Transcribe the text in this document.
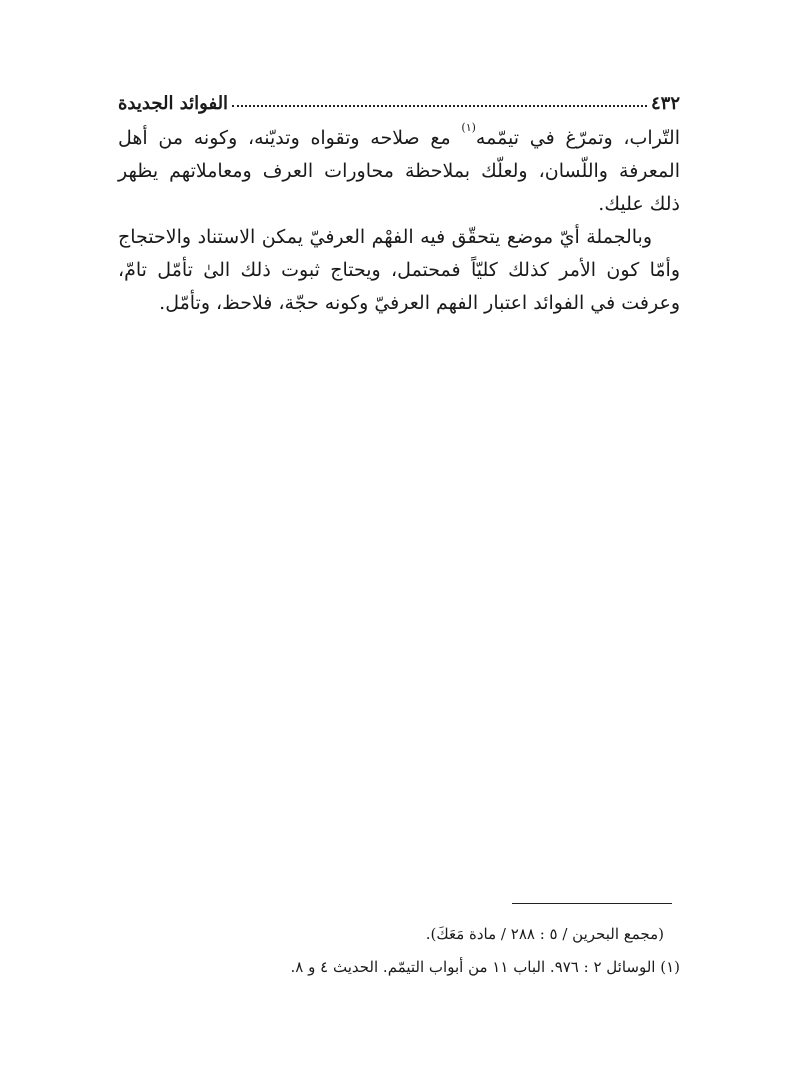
٤٣٢
الفوائد الجديدة

التّراب، وتمرّغ في تيمّمه$^{(١)}$ مع صلاحه وتقواه وتديّنه، وكونه من أهل المعرفة واللّسان، ولعلّك بملاحظة محاورات العرف ومعاملاتهم يظهر ذلك عليك.

وبالجملة أيّ موضع يتحقّق فيه الفهْم العرفيّ يمكن الاستناد والاحتجاج وأمّا كون الأمر كذلك كليّاً فمحتمل، ويحتاج ثبوت ذلك الىٰ تأمّل تامّ، وعرفت في الفوائد اعتبار الفهم العرفيّ وكونه حجّة، فلاحظ، وتأمّل.

(مجمع البحرين / ٥ : ٢٨٨ / مادة مَعَكَ).

(١) الوسائل ٢ : ٩٧٦. الباب ١١ من أبواب التيمّم. الحديث ٤ و ٨.
